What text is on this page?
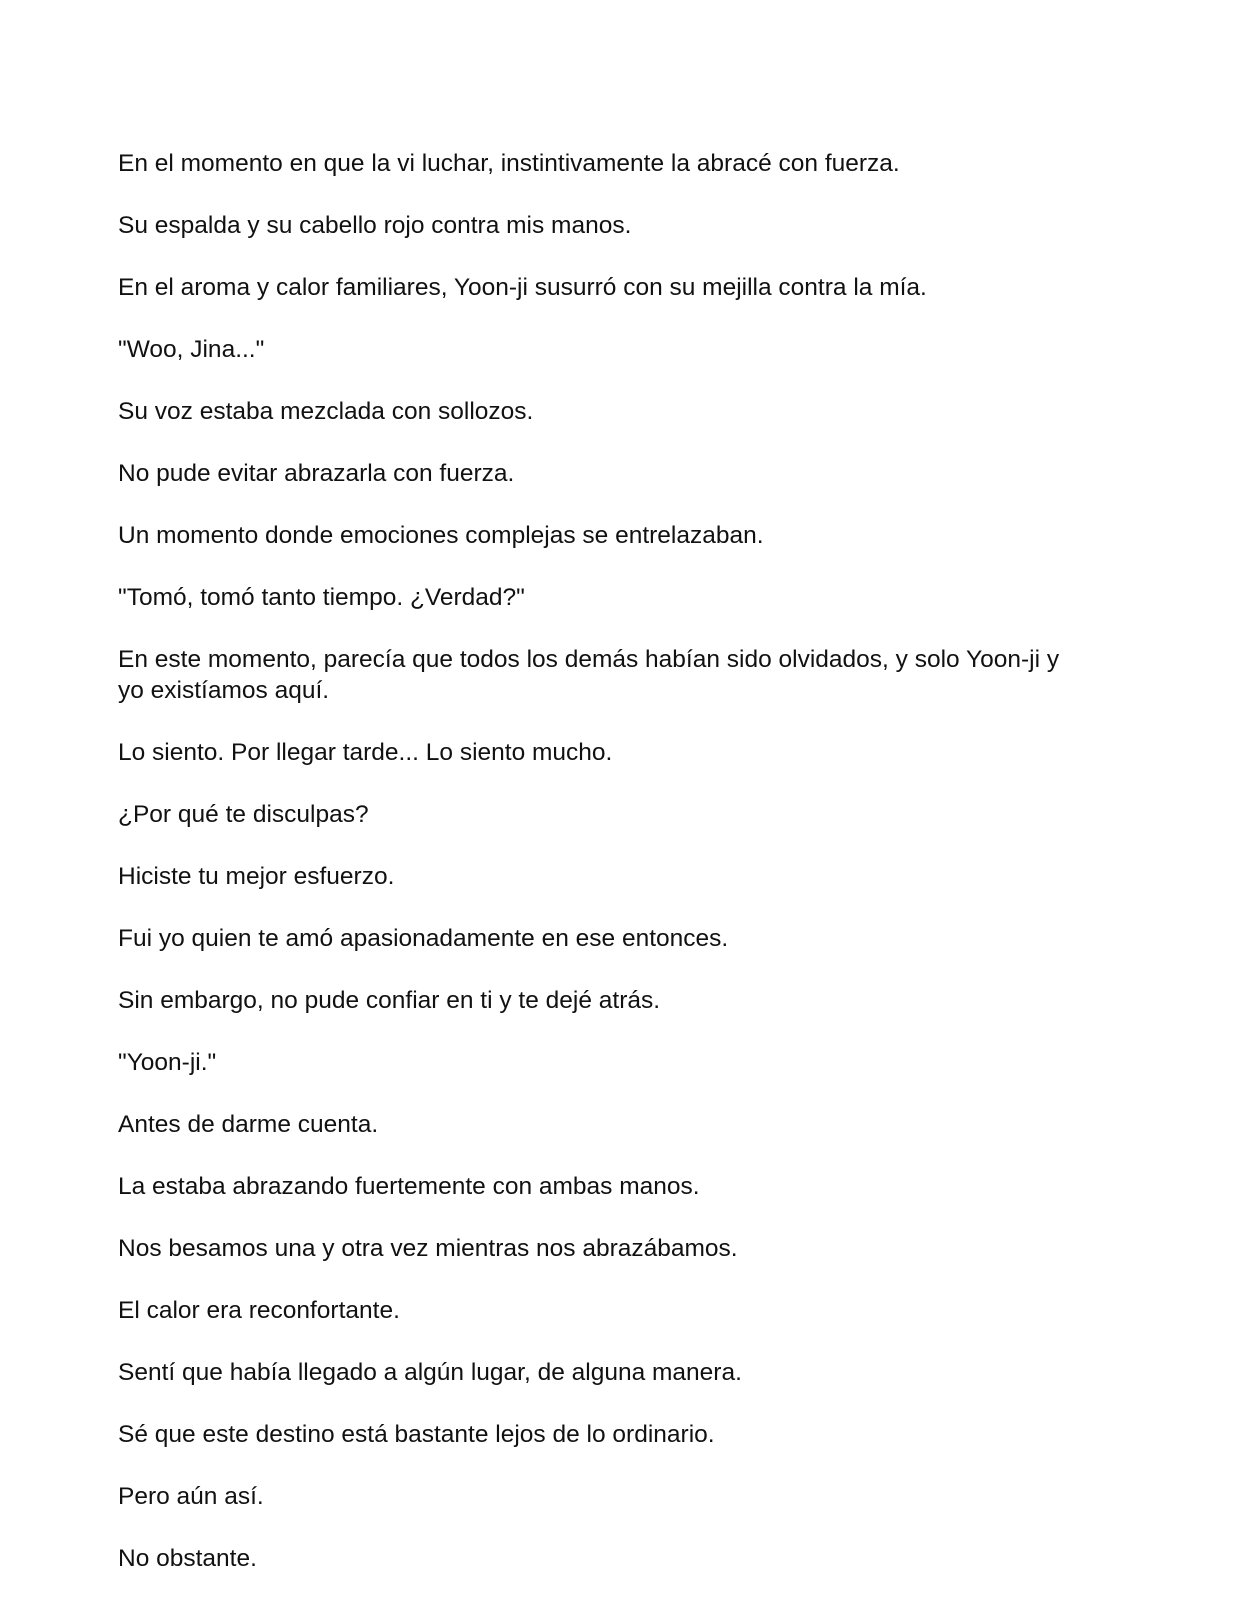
En el momento en que la vi luchar, instintivamente la abracé con fuerza.

Su espalda y su cabello rojo contra mis manos.

En el aroma y calor familiares, Yoon-ji susurró con su mejilla contra la mía.

"Woo, Jina..."

Su voz estaba mezclada con sollozos.

No pude evitar abrazarla con fuerza.

Un momento donde emociones complejas se entrelazaban.

"Tomó, tomó tanto tiempo. ¿Verdad?"

En este momento, parecía que todos los demás habían sido olvidados, y solo Yoon-ji y yo existíamos aquí.

Lo siento. Por llegar tarde... Lo siento mucho.

¿Por qué te disculpas?

Hiciste tu mejor esfuerzo.

Fui yo quien te amó apasionadamente en ese entonces.

Sin embargo, no pude confiar en ti y te dejé atrás.

"Yoon-ji."

Antes de darme cuenta.

La estaba abrazando fuertemente con ambas manos.

Nos besamos una y otra vez mientras nos abrazábamos.

El calor era reconfortante.

Sentí que había llegado a algún lugar, de alguna manera.

Sé que este destino está bastante lejos de lo ordinario.

Pero aún así.

No obstante.
